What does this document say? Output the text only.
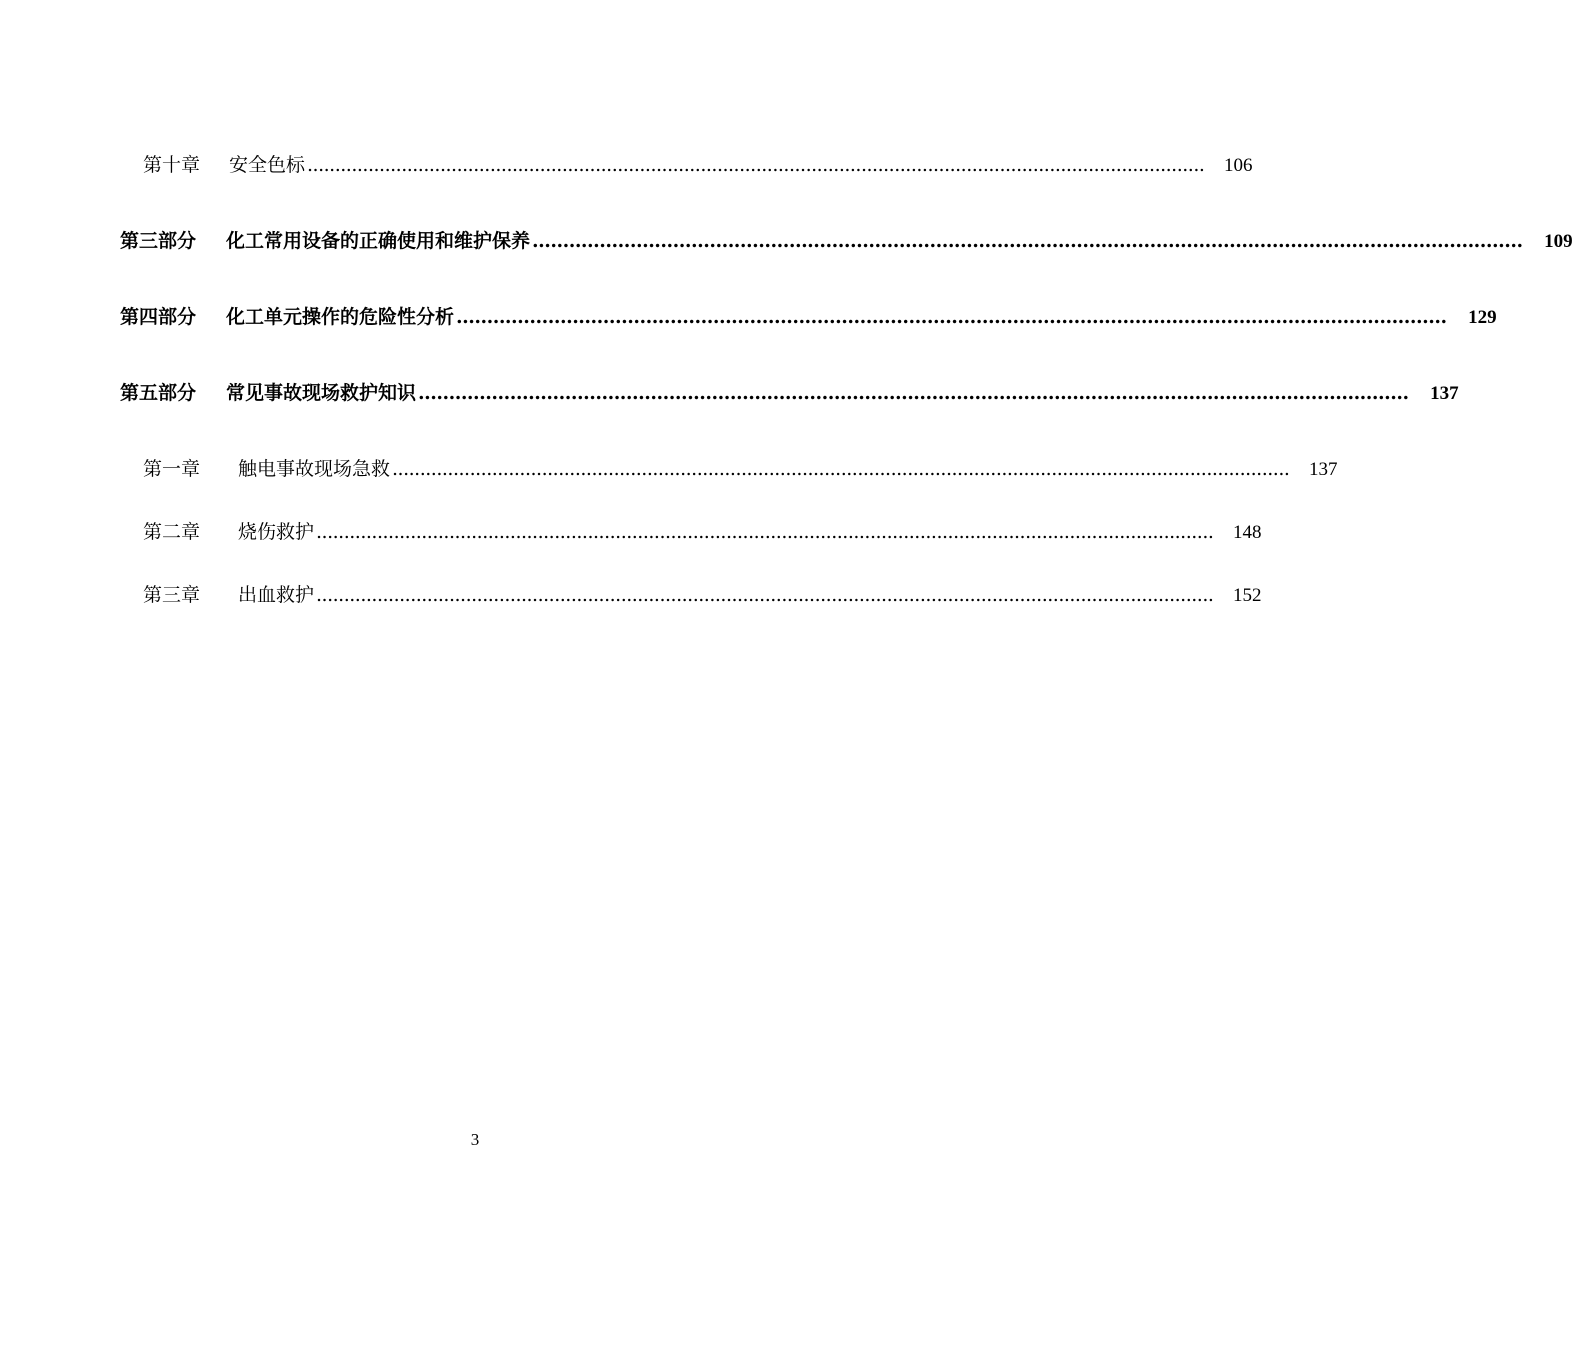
第十章 安全色标 ..................................................................................................................................................................	106
第三部分 化工常用设备的正确使用和维护保养 ..................................................................................................................................................................	109
第四部分 化工单元操作的危险性分析 ..................................................................................................................................................................	129
第五部分 常见事故现场救护知识 ..................................................................................................................................................................	137
第一章 触电事故现场急救 ..................................................................................................................................................................	137
第二章 烧伤救护 ..................................................................................................................................................................	148
第三章 出血救护 ..................................................................................................................................................................	152
3
